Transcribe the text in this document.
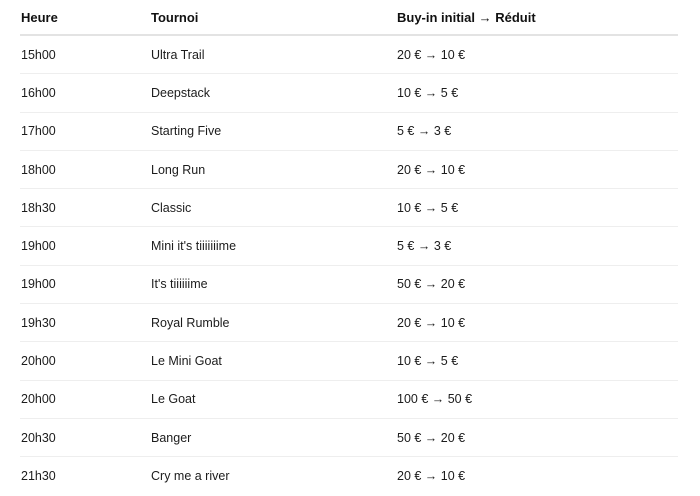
Heure	Tournoi	Buy-in initial → Réduit
15h00	Ultra Trail	20 € → 10 €
16h00	Deepstack	10 € → 5 €
17h00	Starting Five	5 € → 3 €
18h00	Long Run	20 € → 10 €
18h30	Classic	10 € → 5 €
19h00	Mini it's tiiiiiiime	5 € → 3 €
19h00	It's tiiiiiime	50 € → 20 €
19h30	Royal Rumble	20 € → 10 €
20h00	Le Mini Goat	10 € → 5 €
20h00	Le Goat	100 € → 50 €
20h30	Banger	50 € → 20 €
21h30	Cry me a river	20 € → 10 €
